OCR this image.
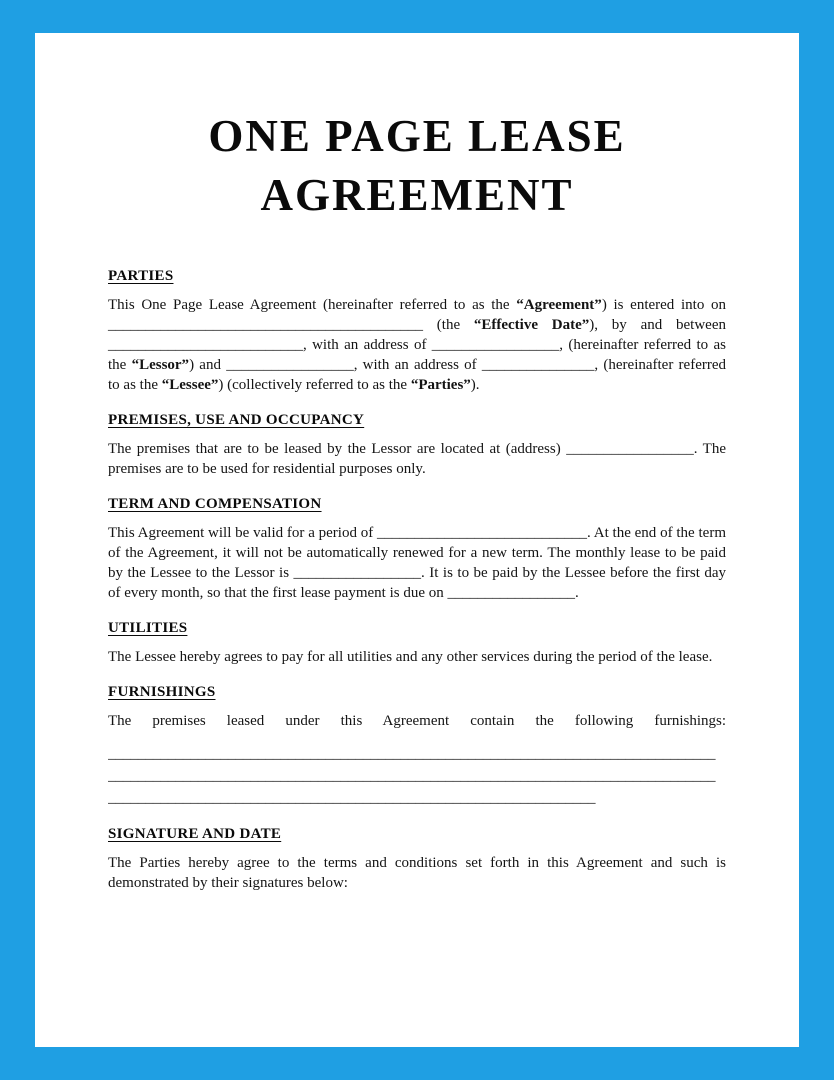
ONE PAGE LEASE
AGREEMENT
PARTIES

This One Page Lease Agreement (hereinafter referred to as the “Agreement”) is entered into on __________________________________________ (the “Effective Date”), by and between __________________________, with an address of _________________, (hereinafter referred to as the “Lessor”) and _________________, with an address of _______________, (hereinafter referred to as the “Lessee”) (collectively referred to as the “Parties”).

PREMISES, USE AND OCCUPANCY

The premises that are to be leased by the Lessor are located at (address) _________________. The premises are to be used for residential purposes only.

TERM AND COMPENSATION

This Agreement will be valid for a period of ____________________________. At the end of the term of the Agreement, it will not be automatically renewed for a new term. The monthly lease to be paid by the Lessee to the Lessor is _________________. It is to be paid by the Lessee before the first day of every month, so that the first lease payment is due on _________________.

UTILITIES

The Lessee hereby agrees to pay for all utilities and any other services during the period of the lease.

FURNISHINGS

The premises leased under this Agreement contain the following furnishings:

_________________________________________________________________________________
_________________________________________________________________________________
_________________________________________________________________
SIGNATURE AND DATE

The Parties hereby agree to the terms and conditions set forth in this Agreement and such is demonstrated by their signatures below:
